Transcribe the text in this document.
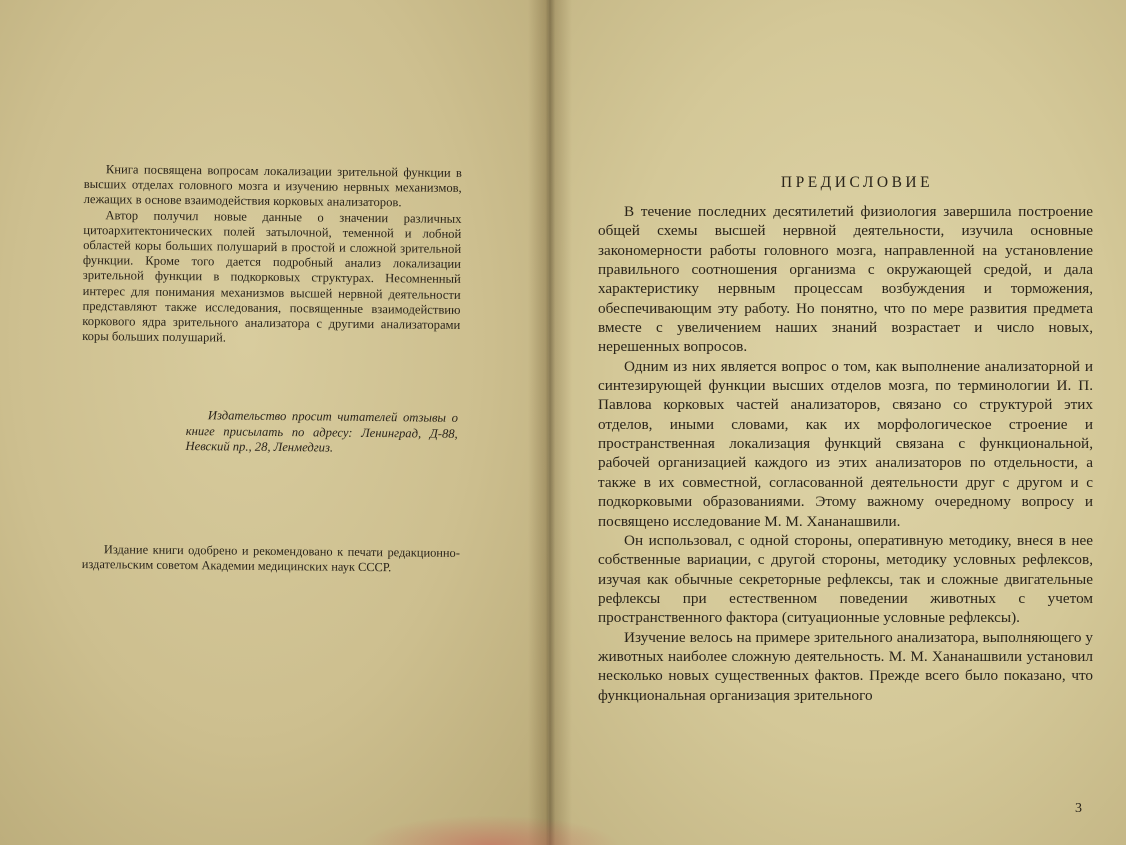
Книга посвящена вопросам локализации зрительной функции в высших отделах головного мозга и изучению нервных механизмов, лежащих в основе взаимодействия корковых анализаторов.

Автор получил новые данные о значении различных цитоархитектонических полей затылочной, теменной и лобной областей коры больших полушарий в простой и сложной зрительной функции. Кроме того дается подробный анализ локализации зрительной функции в подкорковых структурах. Несомненный интерес для понимания механизмов высшей нервной деятельности представляют также исследования, посвященные взаимодействию коркового ядра зрительного анализатора с другими анализаторами коры больших полушарий.

Издательство просит читателей отзывы о книге присылать по адресу: Ленинград, Д-88, Невский пр., 28, Ленмедгиз.

Издание книги одобрено и рекомендовано к печати редакционно-издательским советом Академии медицинских наук СССР.

ПРЕДИСЛОВИЕ

В течение последних десятилетий физиология завершила построение общей схемы высшей нервной деятельности, изучила основные закономерности работы головного мозга, направленной на установление правильного соотношения организма с окружающей средой, и дала характеристику нервным процессам возбуждения и торможения, обеспечивающим эту работу. Но понятно, что по мере развития предмета вместе с увеличением наших знаний возрастает и число новых, нерешенных вопросов.

Одним из них является вопрос о том, как выполнение анализаторной и синтезирующей функции высших отделов мозга, по терминологии И. П. Павлова корковых частей анализаторов, связано со структурой этих отделов, иными словами, как их морфологическое строение и пространственная локализация функций связана с функциональной, рабочей организацией каждого из этих анализаторов по отдельности, а также в их совместной, согласованной деятельности друг с другом и с подкорковыми образованиями. Этому важному очередному вопросу и посвящено исследование М. М. Хананашвили.

Он использовал, с одной стороны, оперативную методику, внеся в нее собственные вариации, с другой стороны, методику условных рефлексов, изучая как обычные секреторные рефлексы, так и сложные двигательные рефлексы при естественном поведении животных с учетом пространственного фактора (ситуационные условные рефлексы).

Изучение велось на примере зрительного анализатора, выполняющего у животных наиболее сложную деятельность. М. М. Хананашвили установил несколько новых существенных фактов. Прежде всего было показано, что функциональная организация зрительного

3
